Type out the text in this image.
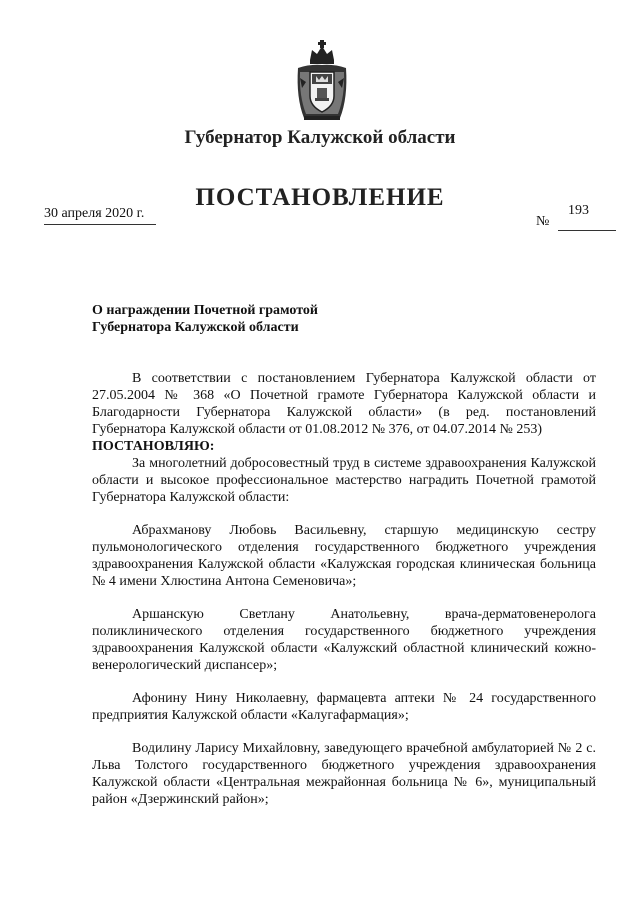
Губернатор Калужской области
ПОСТАНОВЛЕНИЕ
30 апреля 2020 г.
№
193
О награждении Почетной грамотой
Губернатора Калужской области

В соответствии с постановлением Губернатора Калужской области от 27.05.2004 № 368 «О Почетной грамоте Губернатора Калужской области и Благодарности Губернатора Калужской области» (в ред. постановлений Губернатора Калужской области от 01.08.2012 № 376, от 04.07.2014 № 253)

ПОСТАНОВЛЯЮ:

За многолетний добросовестный труд в системе здравоохранения Калужской области и высокое профессиональное мастерство наградить Почетной грамотой Губернатора Калужской области:

Абрахманову Любовь Васильевну, старшую медицинскую сестру пульмонологического отделения государственного бюджетного учреждения здравоохранения Калужской области «Калужская городская клиническая больница № 4 имени Хлюстина Антона Семеновича»;

Аршанскую Светлану Анатольевну, врача-дерматовенеролога поликлинического отделения государственного бюджетного учреждения здравоохранения Калужской области «Калужский областной клинический кожно-венерологический диспансер»;

Афонину Нину Николаевну, фармацевта аптеки № 24 государственного предприятия Калужской области «Калугафармация»;

Водилину Ларису Михайловну, заведующего врачебной амбулаторией № 2 с. Льва Толстого государственного бюджетного учреждения здравоохранения Калужской области «Центральная межрайонная больница № 6», муниципальный район «Дзержинский район»;
